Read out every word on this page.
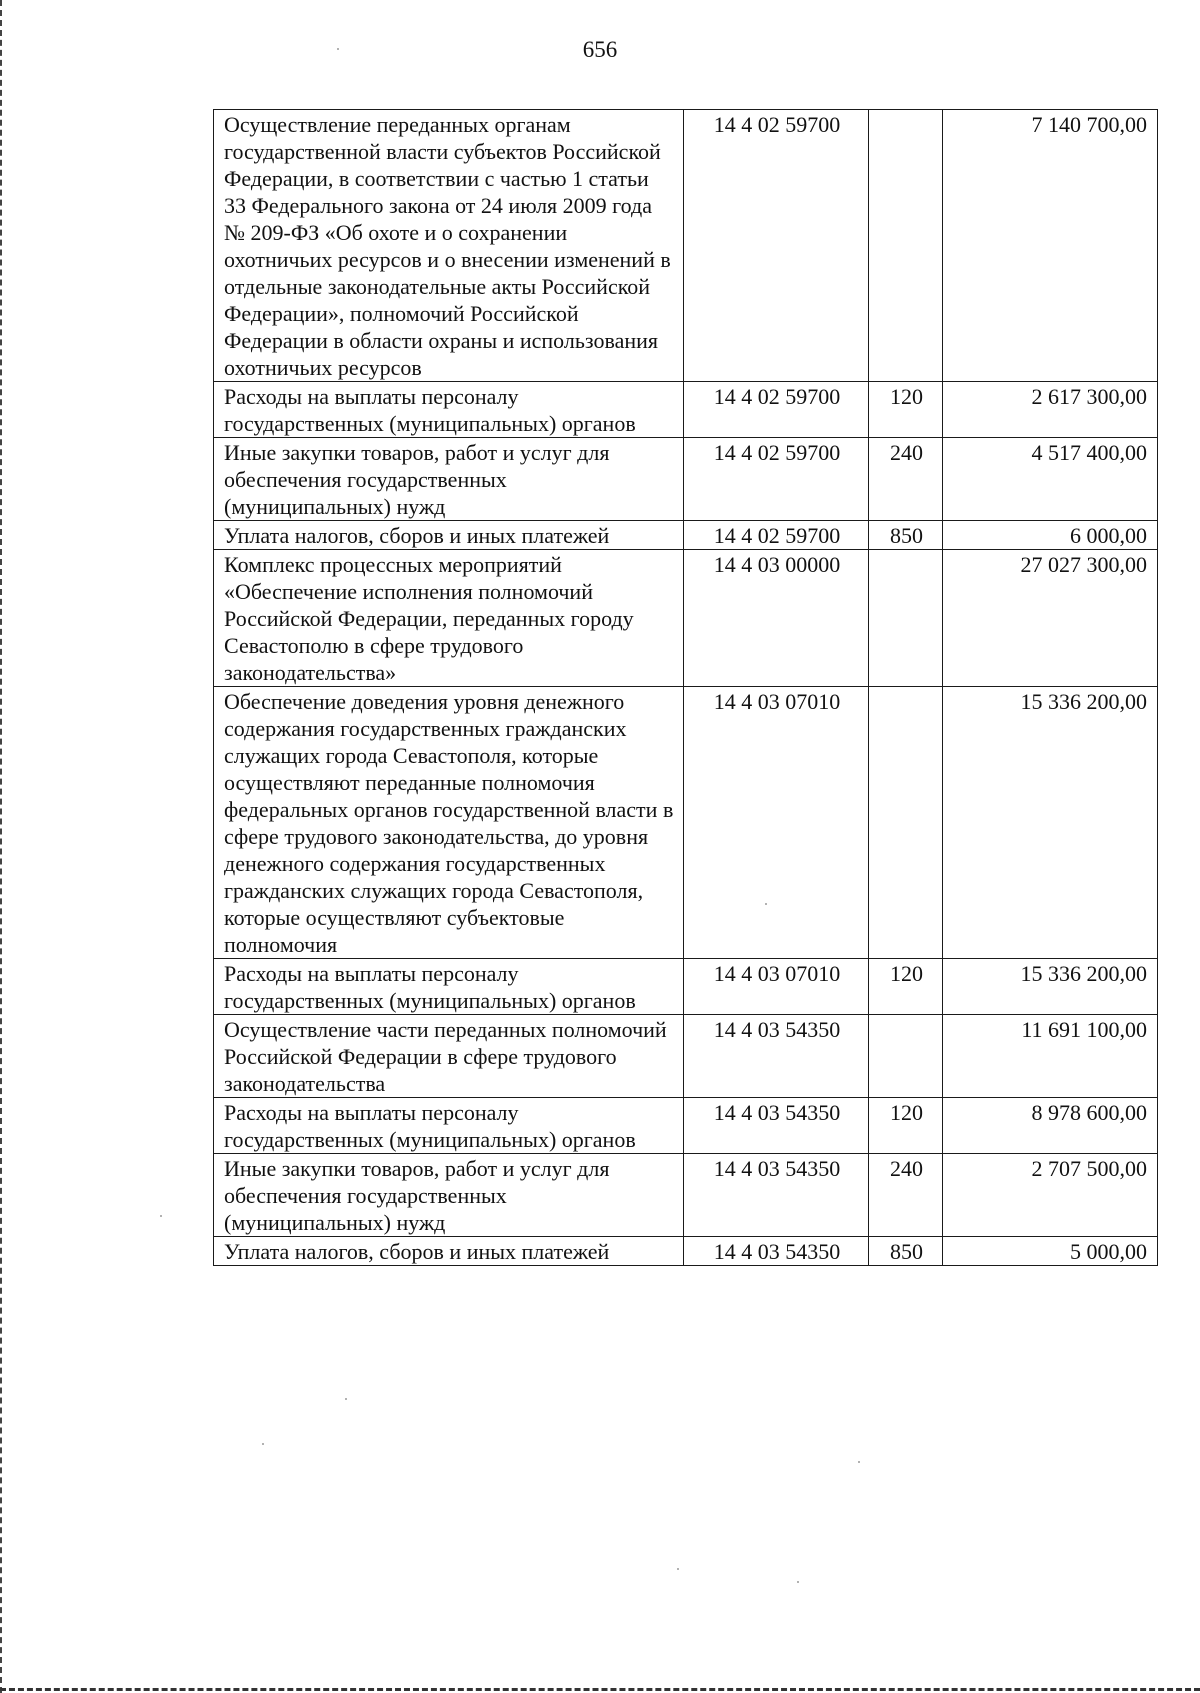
656
Осуществление переданных органам государственной власти субъектов Российской Федерации, в соответствии с частью 1 статьи 33 Федерального закона от 24 июля 2009 года № 209-ФЗ «Об охоте и о сохранении охотничьих ресурсов и о внесении изменений в отдельные законодательные акты Российской Федерации», полномочий Российской Федерации в области охраны и использования охотничьих ресурсов	14 4 02 59700		7 140 700,00
Расходы на выплаты персоналу государственных (муниципальных) органов	14 4 02 59700	120	2 617 300,00
Иные закупки товаров, работ и услуг для обеспечения государственных (муниципальных) нужд	14 4 02 59700	240	4 517 400,00
Уплата налогов, сборов и иных платежей	14 4 02 59700	850	6 000,00
Комплекс процессных мероприятий «Обеспечение исполнения полномочий Российской Федерации, переданных городу Севастополю в сфере трудового законодательства»	14 4 03 00000		27 027 300,00
Обеспечение доведения уровня денежного содержания государственных гражданских служащих города Севастополя, которые осуществляют переданные полномочия федеральных органов государственной власти в сфере трудового законодательства, до уровня денежного содержания государственных гражданских служащих города Севастополя, которые осуществляют субъектовые полномочия	14 4 03 07010		15 336 200,00
Расходы на выплаты персоналу государственных (муниципальных) органов	14 4 03 07010	120	15 336 200,00
Осуществление части переданных полномочий Российской Федерации в сфере трудового законодательства	14 4 03 54350		11 691 100,00
Расходы на выплаты персоналу государственных (муниципальных) органов	14 4 03 54350	120	8 978 600,00
Иные закупки товаров, работ и услуг для обеспечения государственных (муниципальных) нужд	14 4 03 54350	240	2 707 500,00
Уплата налогов, сборов и иных платежей	14 4 03 54350	850	5 000,00
